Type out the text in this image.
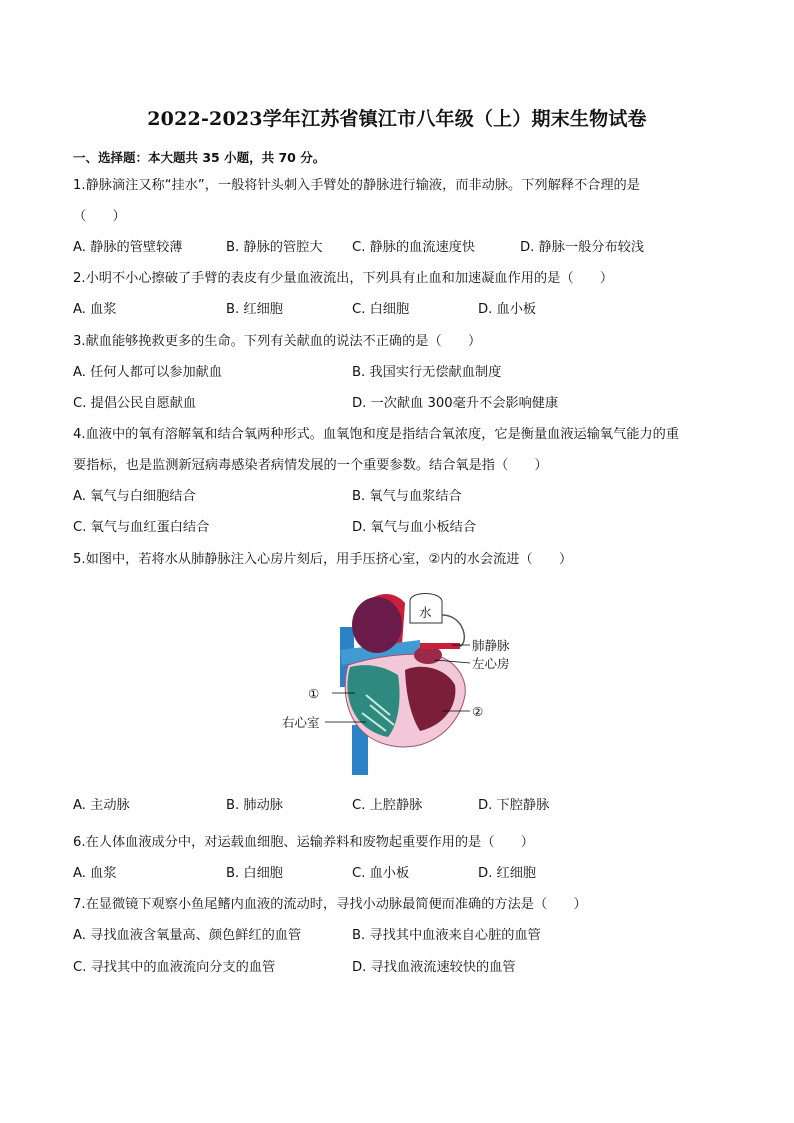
2022-2023学年江苏省镇江市八年级（上）期末生物试卷
一、选择题：本大题共 35 小题，共 70 分。
1.静脉滴注又称“挂水”，一般将针头刺入手臂处的静脉进行输液，而非动脉。下列解释不合理的是
（　　）
A. 静脉的管壁较薄	B. 静脉的管腔大 C. 静脉的血流速度快	D. 静脉一般分布较浅
2.小明不小心擦破了手臂的表皮有少量血液流出，下列具有止血和加速凝血作用的是（　　）
A. 血浆	B. 红细胞	C. 白细胞	D. 血小板
3.献血能够挽救更多的生命。下列有关献血的说法不正确的是（　　）
A. 任何人都可以参加献血	B. 我国实行无偿献血制度
C. 提倡公民自愿献血	D. 一次献血 300毫升不会影响健康
4.血液中的氧有溶解氧和结合氧两种形式。血氧饱和度是指结合氧浓度，它是衡量血液运输氧气能力的重
要指标，也是监测新冠病毒感染者病情发展的一个重要参数。结合氧是指（　　）
A. 氧气与白细胞结合	B. 氧气与血浆结合
C. 氧气与血红蛋白结合	D. 氧气与血小板结合
5.如图中，若将水从肺静脉注入心房片刻后，用手压挤心室，②内的水会流进（　　）
水
肺静脉
左心房
①
②
右心室
A. 主动脉	B. 肺动脉	C. 上腔静脉	D. 下腔静脉
6.在人体血液成分中，对运载血细胞、运输养料和废物起重要作用的是（　　）
A. 血浆	B. 白细胞	C. 血小板	D. 红细胞
7.在显微镜下观察小鱼尾鳍内血液的流动时，寻找小动脉最简便而准确的方法是（　　）
A. 寻找血液含氧量高、颜色鲜红的血管	B. 寻找其中血液来自心脏的血管
C. 寻找其中的血液流向分支的血管	D. 寻找血液流速较快的血管
